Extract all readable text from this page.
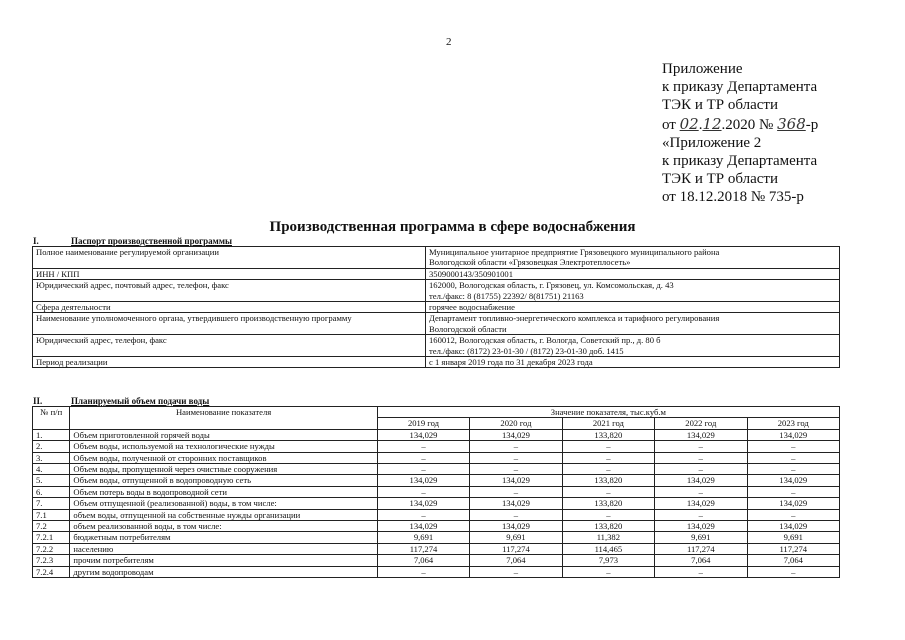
2
Приложение
к приказу Департамента
ТЭК и ТР области
от 02.12.2020 № 368-р
«Приложение 2
к приказу Департамента
ТЭК и ТР области
от 18.12.2018 № 735-р
Производственная программа в сфере водоснабжения
I.	Паспорт производственной программы
Полное наименование регулируемой организации	Муниципальное унитарное предприятие Грязовецкого муниципального района
Вологодской области «Грязовецкая Электротеплосеть»

ИНН / КПП	3509000143/350901001

Юридический адрес, почтовый адрес, телефон, факс	162000, Вологодская область, г. Грязовец, ул. Комсомольская, д. 43
тел./факс: 8 (81755) 22392/ 8(81751) 21163

Сфера деятельности	горячее водоснабжение

Наименование уполномоченного органа, утвердившего производственную программу	Департамент топливно-энергетического комплекса и тарифного регулирования
Вологодской области

Юридический адрес, телефон, факс	160012, Вологодская область, г. Вологда, Советский пр., д. 80 б
тел./факс: (8172) 23-01-30 / (8172) 23-01-30 доб. 1415

Период реализации	с 1 января 2019 года по 31 декабря 2023 года
II.	Планируемый объем подачи воды
№ п/п	Наименование показателя	Значение показателя, тыс.куб.м				
		2019 год	2020 год	2021 год	2022 год	2023 год
1.	Объем приготовленной горячей воды	134,029	134,029	133,820	134,029	134,029
2.	Объем воды, используемой на технологические нужды	–	–	–	–	–
3.	Объем воды, полученной от сторонних поставщиков	–	–	–	–	–
4.	Объем воды, пропущенной через очистные сооружения	–	–	–	–	–
5.	Объем воды, отпущенной в водопроводную сеть	134,029	134,029	133,820	134,029	134,029
6.	Объем потерь воды в водопроводной сети	–	–	–	–	–
7.	Объем отпущенной (реализованной) воды, в том числе:	134,029	134,029	133,820	134,029	134,029
7.1	объем воды, отпущенной на собственные нужды организации	–	–	–	–	–
7.2	объем реализованной воды, в том числе:	134,029	134,029	133,820	134,029	134,029
7.2.1	бюджетным потребителям	9,691	9,691	11,382	9,691	9,691
7.2.2	населению	117,274	117,274	114,465	117,274	117,274
7.2.3	прочим потребителям	7,064	7,064	7,973	7,064	7,064
7.2.4	другим водопроводам	–	–	–	–	–
